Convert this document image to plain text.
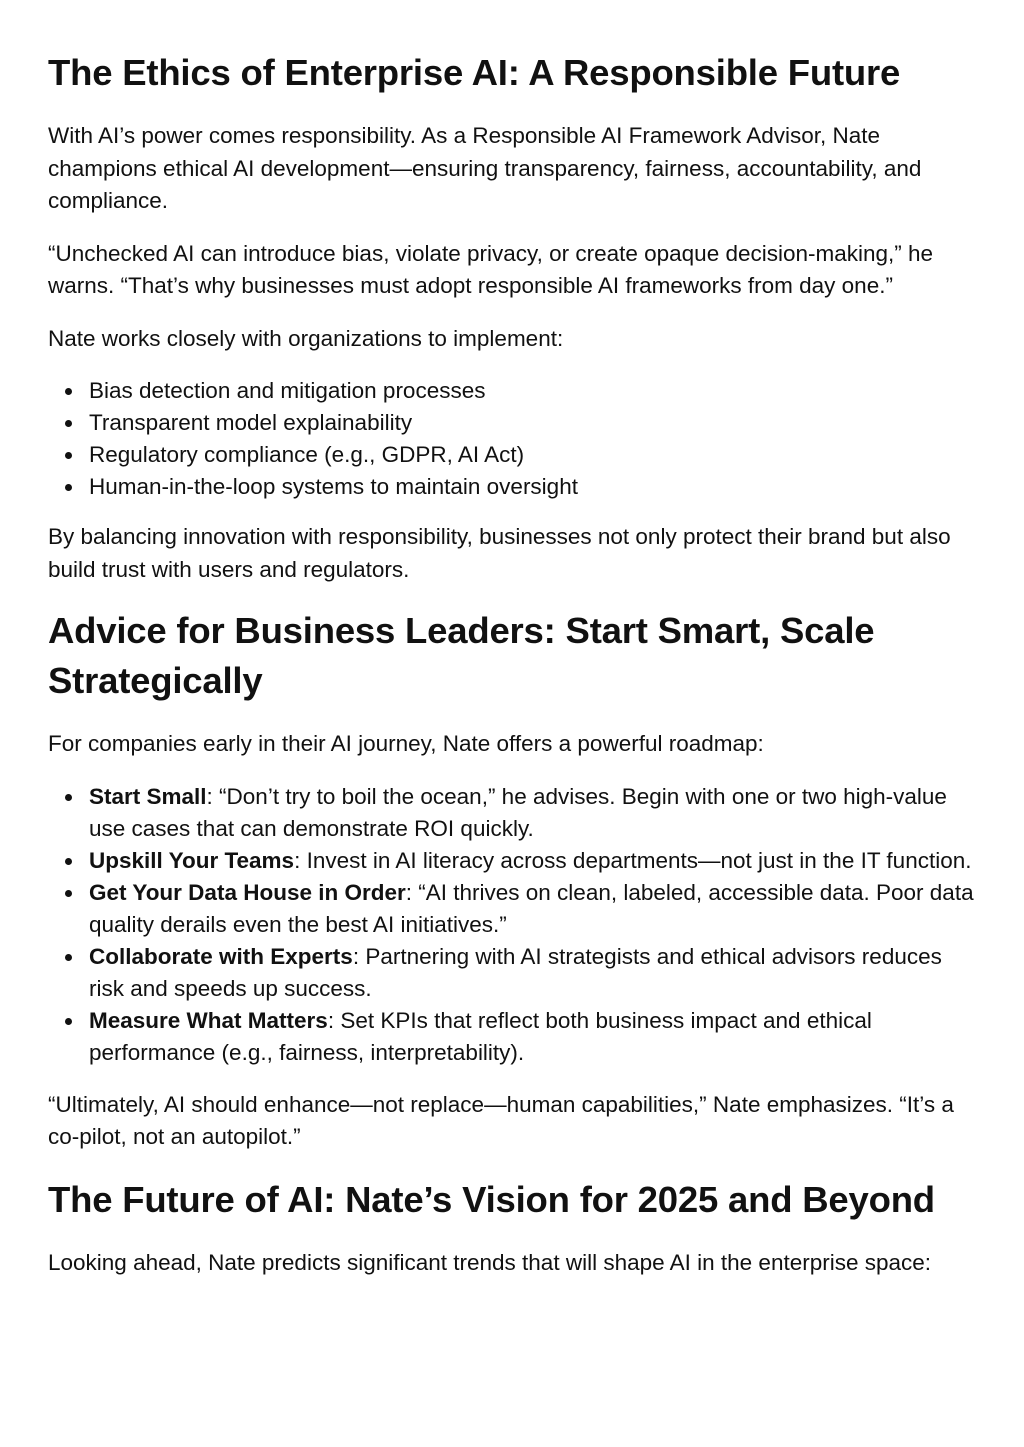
The Ethics of Enterprise AI: A Responsible Future

With AI’s power comes responsibility. As a Responsible AI Framework Advisor, Nate champions ethical AI development—ensuring transparency, fairness, accountability, and compliance.

“Unchecked AI can introduce bias, violate privacy, or create opaque decision-making,” he warns. “That’s why businesses must adopt responsible AI frameworks from day one.”

Nate works closely with organizations to implement:

Bias detection and mitigation processes
Transparent model explainability
Regulatory compliance (e.g., GDPR, AI Act)
Human-in-the-loop systems to maintain oversight

By balancing innovation with responsibility, businesses not only protect their brand but also build trust with users and regulators.

Advice for Business Leaders: Start Smart, Scale Strategically

For companies early in their AI journey, Nate offers a powerful roadmap:

Start Small: “Don’t try to boil the ocean,” he advises. Begin with one or two high-value use cases that can demonstrate ROI quickly.
Upskill Your Teams: Invest in AI literacy across departments—not just in the IT function.
Get Your Data House in Order: “AI thrives on clean, labeled, accessible data. Poor data quality derails even the best AI initiatives.”
Collaborate with Experts: Partnering with AI strategists and ethical advisors reduces risk and speeds up success.
Measure What Matters: Set KPIs that reflect both business impact and ethical performance (e.g., fairness, interpretability).

“Ultimately, AI should enhance—not replace—human capabilities,” Nate emphasizes. “It’s a co-pilot, not an autopilot.”

The Future of AI: Nate’s Vision for 2025 and Beyond

Looking ahead, Nate predicts significant trends that will shape AI in the enterprise space:
